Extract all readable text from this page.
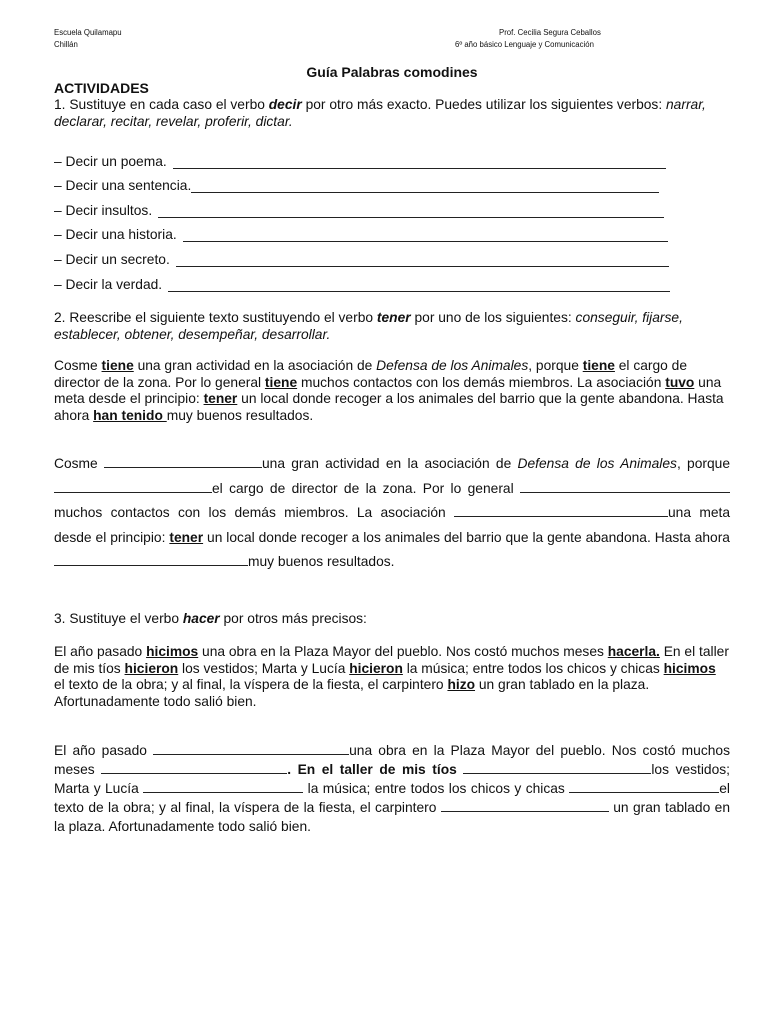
Escuela Quilamapu
Chillán
Prof. Cecilia Segura Ceballos
6º año básico Lenguaje y Comunicación
Guía Palabras comodines
ACTIVIDADES
1. Sustituye en cada caso el verbo decir por otro más exacto. Puedes utilizar los siguientes verbos: narrar, declarar, recitar, revelar, proferir, dictar.
– Decir un poema.
– Decir una sentencia.
– Decir insultos.
– Decir una historia.
– Decir un secreto.
– Decir la verdad.
2. Reescribe el siguiente texto sustituyendo el verbo tener por uno de los siguientes: conseguir, fijarse, establecer, obtener, desempeñar, desarrollar.
Cosme tiene una gran actividad en la asociación de Defensa de los Animales, porque tiene el cargo de director de la zona. Por lo general tiene muchos contactos con los demás miembros. La asociación tuvo una meta desde el principio: tener un local donde recoger a los animales del barrio que la gente abandona. Hasta ahora han tenido muy buenos resultados.
Cosme	una gran actividad en la asociación de Defensa de los Animales, porque el cargo de director de la zona. Por lo general  muchos contactos con los demás miembros. La asociación	una meta desde el principio: tener un local donde recoger a los animales del barrio que la gente abandona. Hasta ahora muy buenos resultados.
3. Sustituye el verbo hacer por otros más precisos:
El año pasado hicimos una obra en la Plaza Mayor del pueblo. Nos costó muchos meses hacerla. En el taller de mis tíos hicieron los vestidos; Marta y Lucía hicieron la música; entre todos los chicos y chicas hicimos el texto de la obra; y al final, la víspera de la fiesta, el carpintero hizo un gran tablado en la plaza. Afortunadamente todo salió bien.
El año pasado	una obra en la Plaza Mayor del pueblo. Nos costó muchos meses	. En el taller de mis tíos	los vestidos; Marta y Lucía	la música; entre todos los chicos y chicas	el texto de la obra; y al final, la víspera de la fiesta, el carpintero	un gran tablado en la plaza. Afortunadamente todo salió bien.
